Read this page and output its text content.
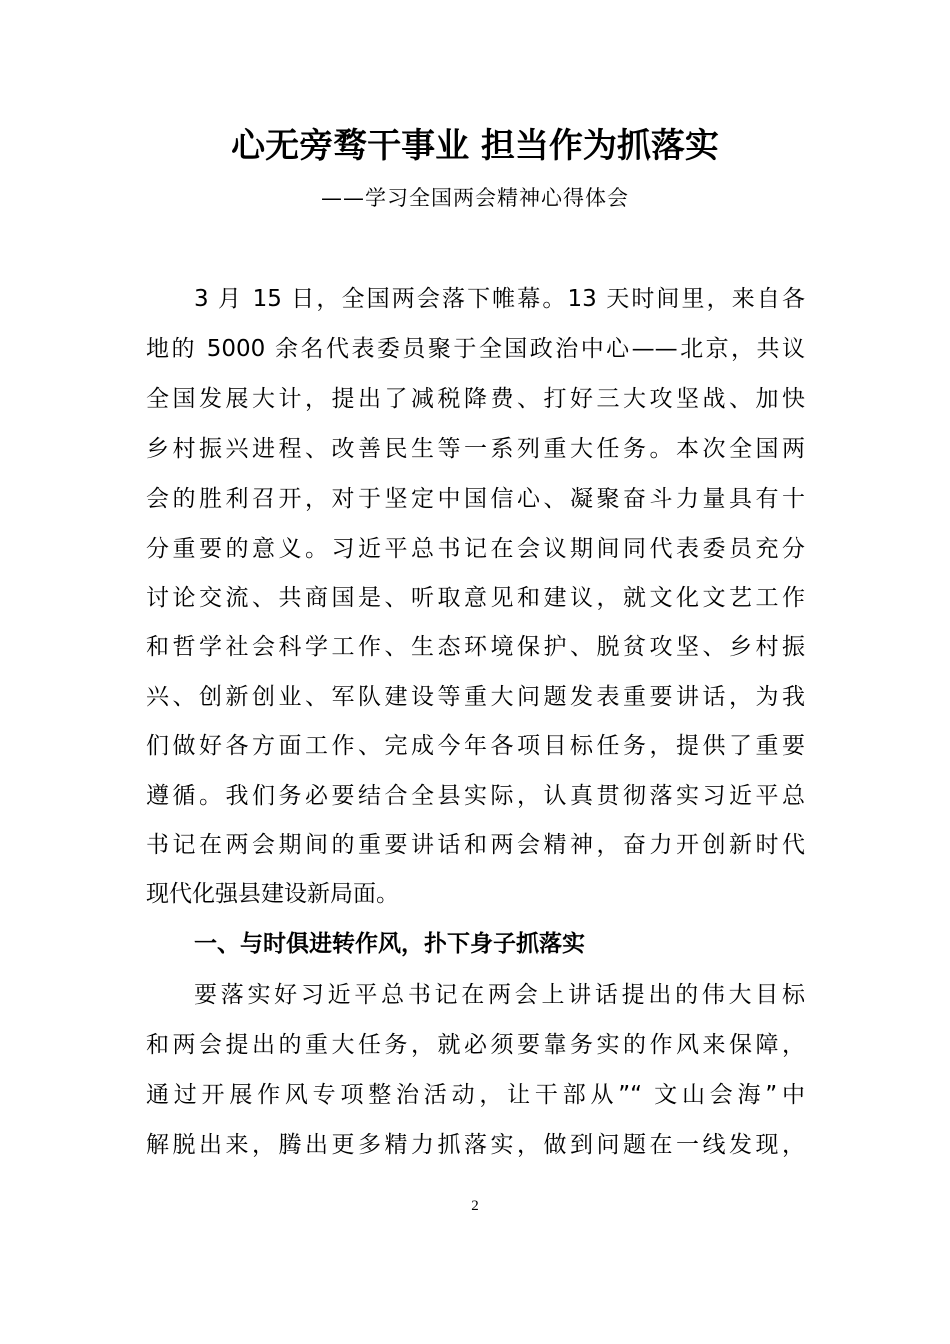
心无旁骛干事业 担当作为抓落实

——学习全国两会精神心得体会

3 月 15 日，全国两会落下帷幕。13 天时间里，来自各
地的 5000 余名代表委员聚于全国政治中心——北京，共议
全国发展大计，提出了减税降费、打好三大攻坚战、加快
乡村振兴进程、改善民生等一系列重大任务。本次全国两
会的胜利召开，对于坚定中国信心、凝聚奋斗力量具有十
分重要的意义。习近平总书记在会议期间同代表委员充分
讨论交流、共商国是、听取意见和建议，就文化文艺工作
和哲学社会科学工作、生态环境保护、脱贫攻坚、乡村振
兴、创新创业、军队建设等重大问题发表重要讲话，为我
们做好各方面工作、完成今年各项目标任务，提供了重要
遵循。我们务必要结合全县实际，认真贯彻落实习近平总
书记在两会期间的重要讲话和两会精神，奋力开创新时代
现代化强县建设新局面。
一、与时俱进转作风，扑下身子抓落实
要落实好习近平总书记在两会上讲话提出的伟大目标
和两会提出的重大任务，就必须要靠务实的作风来保障，
通过开展作风专项整治活动，让干部从”“ 文山会海”中
解脱出来，腾出更多精力抓落实，做到问题在一线发现，
2
